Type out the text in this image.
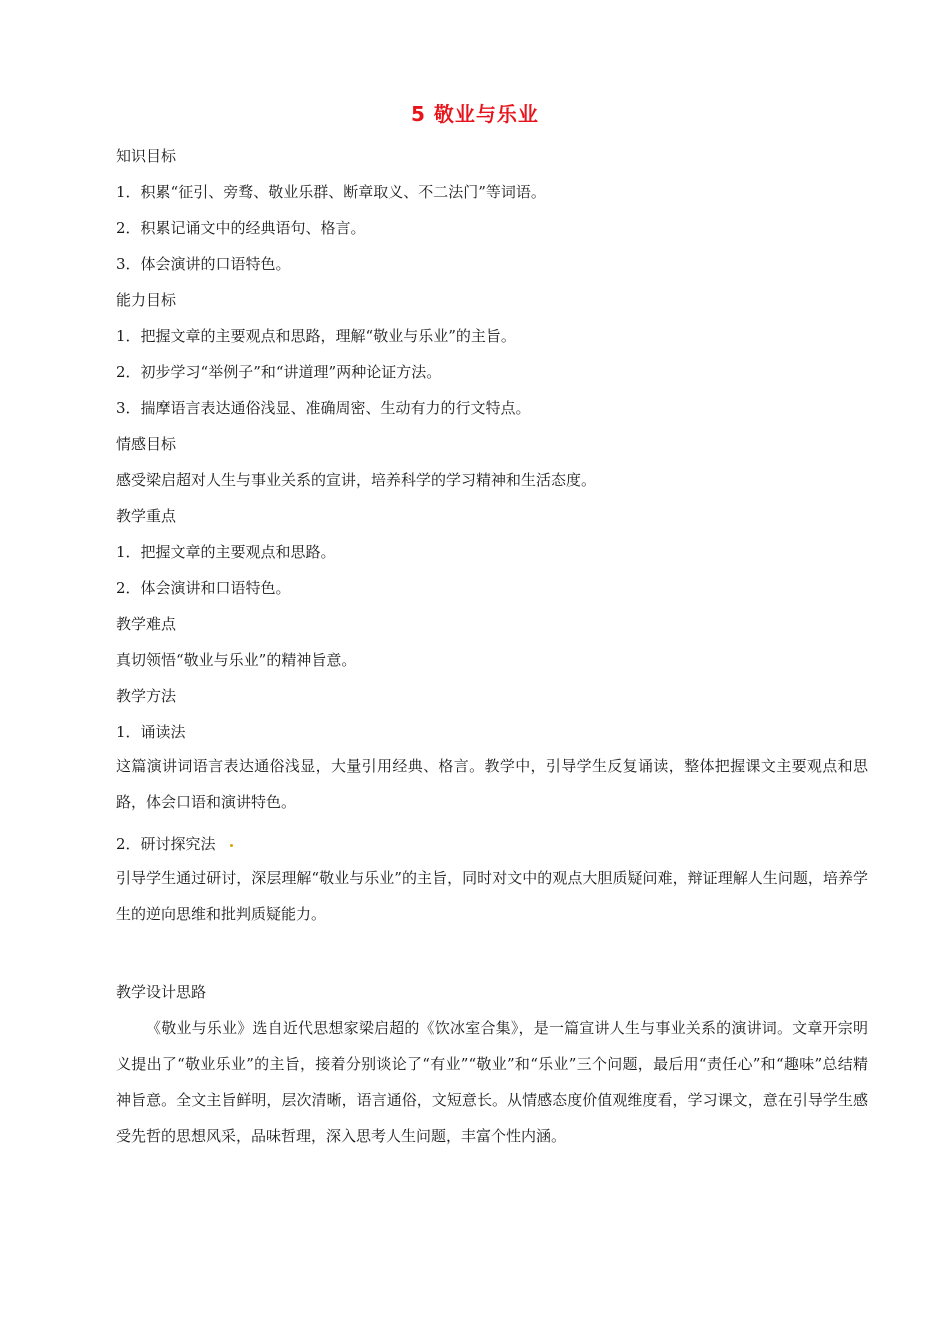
5 敬业与乐业
知识目标
1．积累“征引、旁骛、敬业乐群、断章取义、不二法门”等词语。
2．积累记诵文中的经典语句、格言。
3．体会演讲的口语特色。
能力目标
1．把握文章的主要观点和思路，理解“敬业与乐业”的主旨。
2．初步学习“举例子”和“讲道理”两种论证方法。
3．揣摩语言表达通俗浅显、准确周密、生动有力的行文特点。
情感目标
感受梁启超对人生与事业关系的宣讲，培养科学的学习精神和生活态度。
教学重点
1．把握文章的主要观点和思路。
2．体会演讲和口语特色。
教学难点
真切领悟“敬业与乐业”的精神旨意。
教学方法
1．诵读法
这篇演讲词语言表达通俗浅显，大量引用经典、格言。教学中，引导学生反复诵读，整体把握课文主要观点和思路，体会口语和演讲特色。
2．研讨探究法
引导学生通过研讨，深层理解“敬业与乐业”的主旨，同时对文中的观点大胆质疑问难，辩证理解人生问题，培养学生的逆向思维和批判质疑能力。
教学设计思路
《敬业与乐业》选自近代思想家梁启超的《饮冰室合集》，是一篇宣讲人生与事业关系的演讲词。文章开宗明义提出了“敬业乐业”的主旨，接着分别谈论了“有业”“敬业”和“乐业”三个问题，最后用“责任心”和“趣味”总结精神旨意。全文主旨鲜明，层次清晰，语言通俗，文短意长。从情感态度价值观维度看，学习课文，意在引导学生感受先哲的思想风采，品味哲理，深入思考人生问题，丰富个性内涵。
